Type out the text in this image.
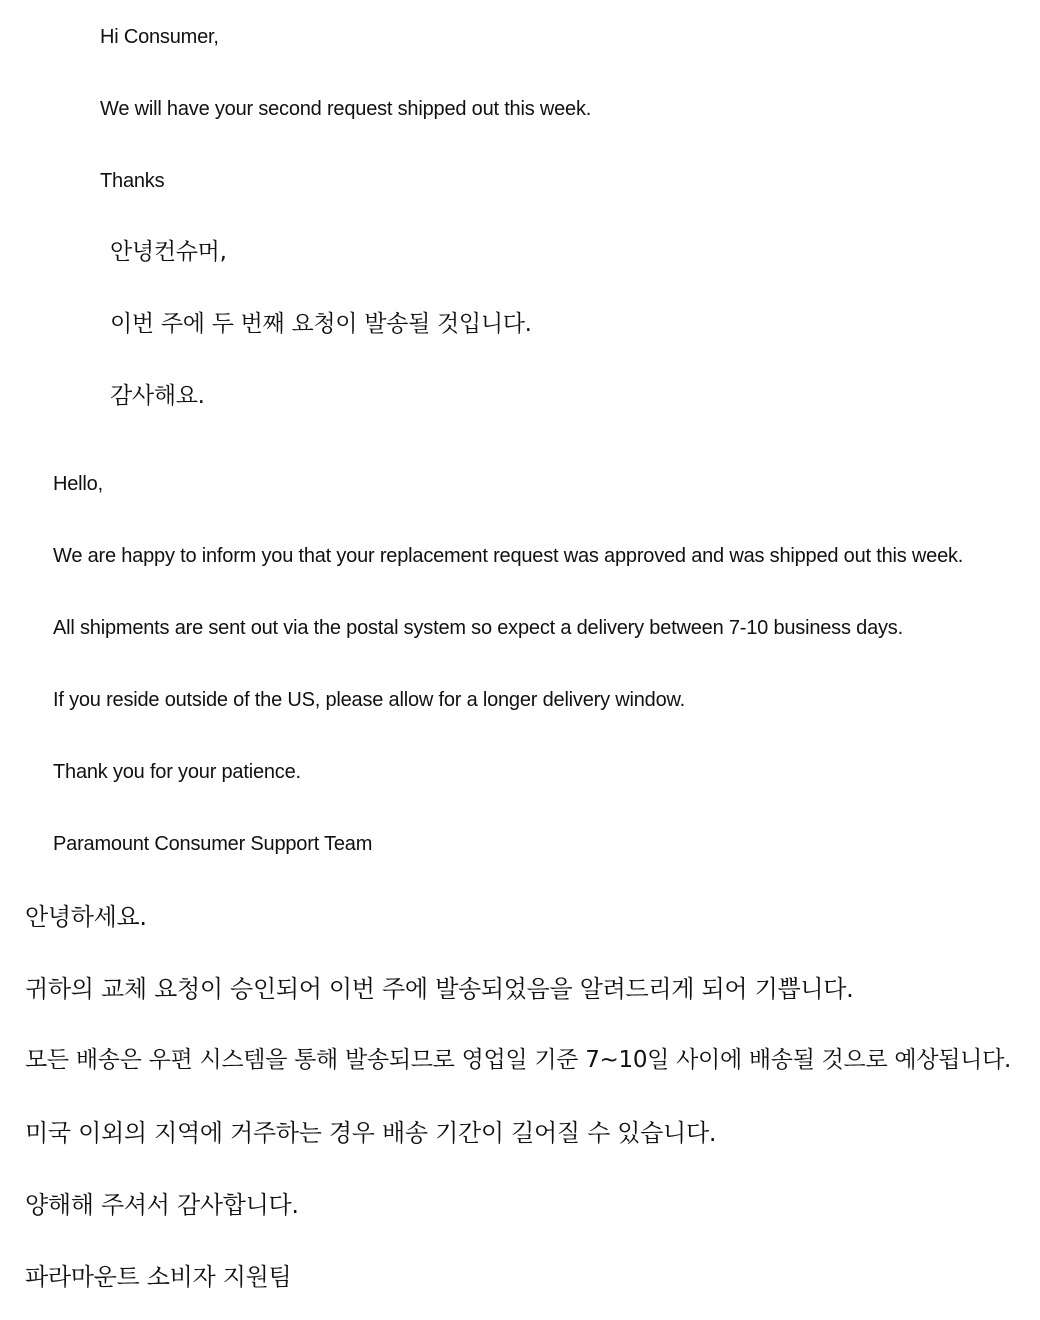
Hi Consumer,

We will have your second request shipped out this week.

Thanks

안녕컨슈머,

이번 주에 두 번째 요청이 발송될 것입니다.

감사해요.

Hello,

We are happy to inform you that your replacement request was approved and was shipped out this week.

All shipments are sent out via the postal system so expect a delivery between 7-10 business days.

If you reside outside of the US, please allow for a longer delivery window.

Thank you for your patience.

Paramount Consumer Support Team

안녕하세요.

귀하의 교체 요청이 승인되어 이번 주에 발송되었음을 알려드리게 되어 기쁩니다.

모든 배송은 우편 시스템을 통해 발송되므로 영업일 기준 7~10일 사이에 배송될 것으로 예상됩니다.

미국 이외의 지역에 거주하는 경우 배송 기간이 길어질 수 있습니다.

양해해 주셔서 감사합니다.

파라마운트 소비자 지원팀
